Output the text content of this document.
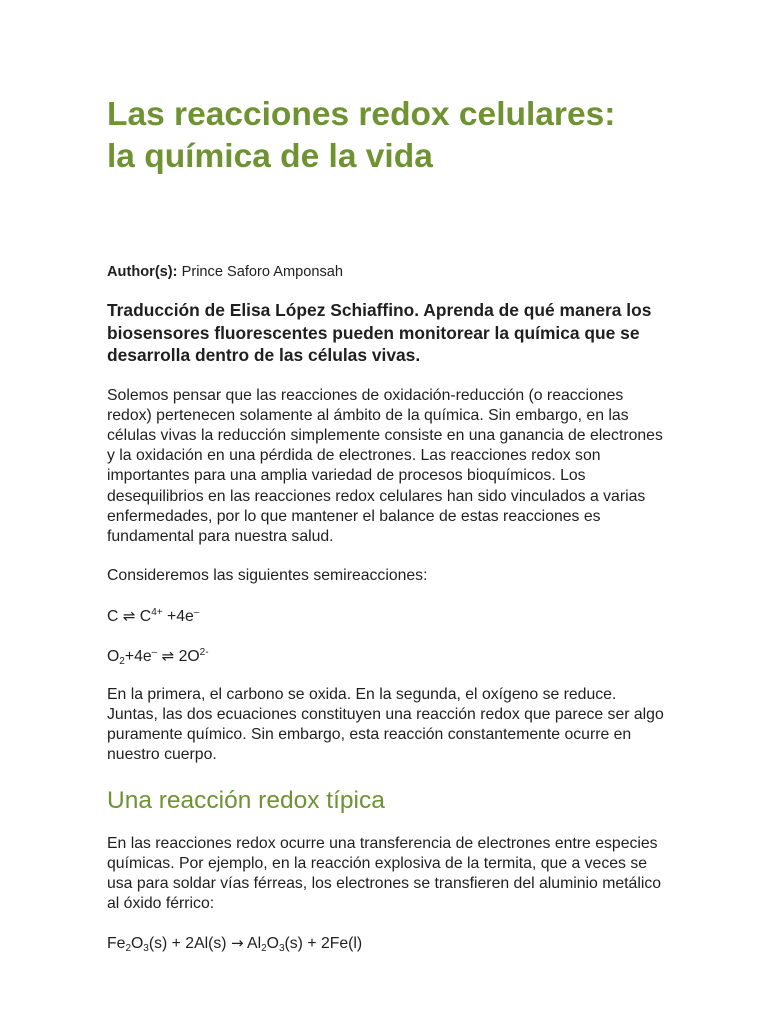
Las reacciones redox celulares:
la química de la vida

Author(s): Prince Saforo Amponsah

Traducción de Elisa López Schiaffino. Aprenda de qué manera los biosensores fluorescentes pueden monitorear la química que se desarrolla dentro de las células vivas.

Solemos pensar que las reacciones de oxidación-reducción (o reacciones redox) pertenecen solamente al ámbito de la química. Sin embargo, en las células vivas la reducción simplemente consiste en una ganancia de electrones y la oxidación en una pérdida de electrones. Las reacciones redox son importantes para una amplia variedad de procesos bioquímicos. Los desequilibrios en las reacciones redox celulares han sido vinculados a varias enfermedades, por lo que mantener el balance de estas reacciones es fundamental para nuestra salud.

Consideremos las siguientes semireacciones:

C ⇌ $C^{4+} +4e^-$

$O_2+4e^-$ ⇌ $2O^{2-}$

En la primera, el carbono se oxida. En la segunda, el oxígeno se reduce. Juntas, las dos ecuaciones constituyen una reacción redox que parece ser algo puramente químico. Sin embargo, esta reacción constantemente ocurre en nuestro cuerpo.

Una reacción redox típica

En las reacciones redox ocurre una transferencia de electrones entre especies químicas. Por ejemplo, en la reacción explosiva de la termita, que a veces se usa para soldar vías férreas, los electrones se transfieren del aluminio metálico al óxido férrico:

$Fe_2O_3(s) + 2Al(s) \to Al_2O_3(s) + 2Fe(l)$
